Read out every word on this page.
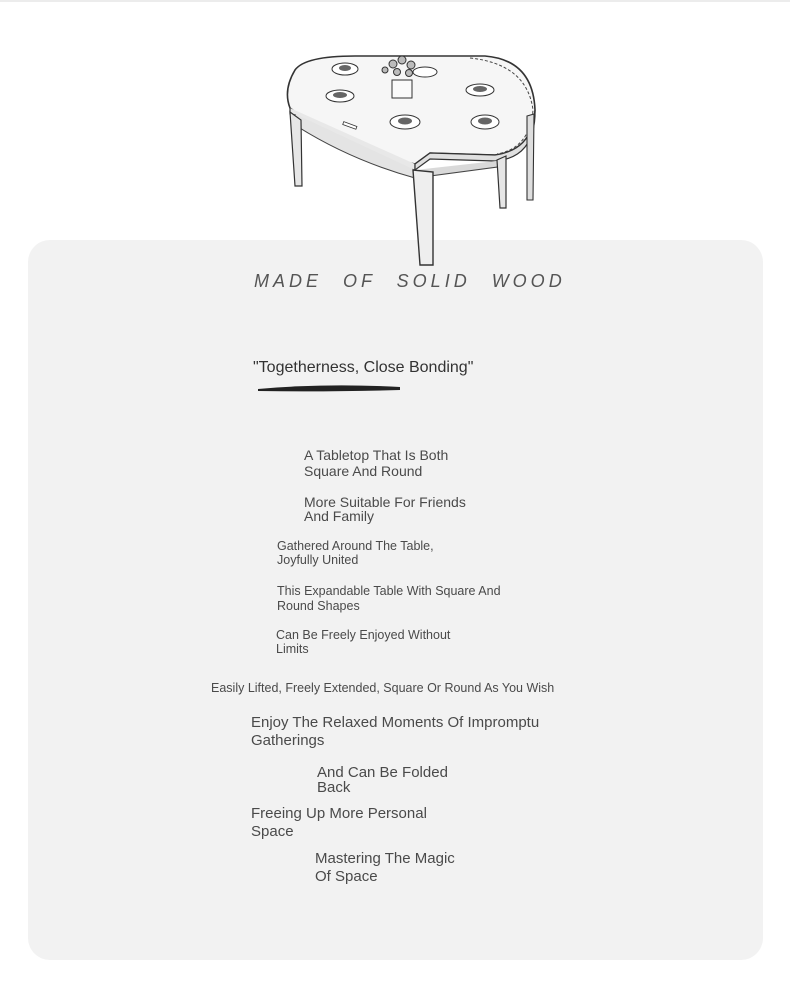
MADE OF SOLID WOOD

"Togetherness, Close Bonding"

A Tabletop That Is Both
Square And Round

More Suitable For Friends
And Family

Gathered Around The Table,
Joyfully United

This Expandable Table With Square And
Round Shapes

Can Be Freely Enjoyed Without
Limits

Easily Lifted, Freely Extended, Square Or Round As You Wish

Enjoy The Relaxed Moments Of Impromptu
Gatherings

And Can Be Folded
Back

Freeing Up More Personal
Space

Mastering The Magic
Of Space
